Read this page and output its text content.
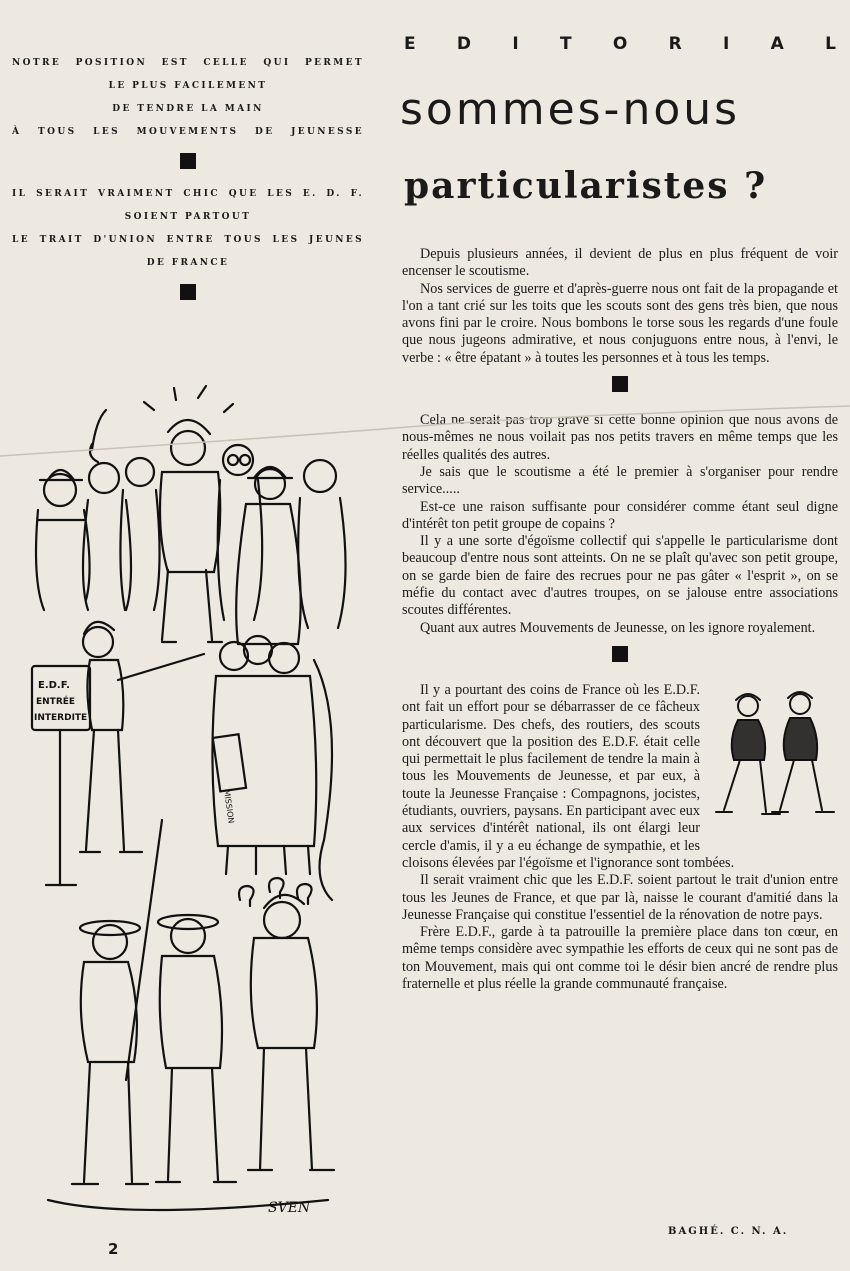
NOTRE POSITION EST CELLE QUI PERMET
LE PLUS FACILEMENT
DE TENDRE LA MAIN
À TOUS LES MOUVEMENTS DE JEUNESSE
IL SERAIT VRAIMENT CHIC QUE LES E. D. F.
SOIENT PARTOUT
LE TRAIT D'UNION ENTRE TOUS LES JEUNES
DE FRANCE
E.D.F.
ENTRÉE
INTERDITE
MISSION
SVEN
E D I T O R I A L
sommes-nous
particularistes ?

Depuis plusieurs années, il devient de plus en plus fréquent de voir encenser le scoutisme.

Nos services de guerre et d'après-guerre nous ont fait de la propagande et l'on a tant crié sur les toits que les scouts sont des gens très bien, que nous avons fini par le croire. Nous bombons le torse sous les regards d'une foule que nous jugeons admirative, et nous conjuguons entre nous, à l'envi, le verbe : « être épatant » à toutes les personnes et à tous les temps.

Cela ne serait pas trop grave si cette bonne opinion que nous avons de nous-mêmes ne nous voilait pas nos petits travers en même temps que les réelles qualités des autres.

Je sais que le scoutisme a été le premier à s'organiser pour rendre service.....

Est-ce une raison suffisante pour considérer comme étant seul digne d'intérêt ton petit groupe de copains ?

Il y a une sorte d'égoïsme collectif qui s'appelle le particularisme dont beaucoup d'entre nous sont atteints. On ne se plaît qu'avec son petit groupe, on se garde bien de faire des recrues pour ne pas gâter « l'esprit », on se méfie du contact avec d'autres troupes, on se jalouse entre associations scoutes différentes.

Quant aux autres Mouvements de Jeunesse, on les ignore royalement.

Il y a pourtant des coins de France où les E.D.F. ont fait un effort pour se débarrasser de ce fâcheux particularisme. Des chefs, des routiers, des scouts ont découvert que la position des E.D.F. était celle qui permettait le plus facilement de tendre la main à tous les Mouvements de Jeunesse, et par eux, à toute la Jeunesse Française : Compagnons, jocistes, étudiants, ouvriers, paysans. En participant avec eux aux services d'intérêt national, ils ont élargi leur cercle d'amis, il y a eu échange de sympathie, et les cloisons élevées par l'égoïsme et l'ignorance sont tombées.

Il serait vraiment chic que les E.D.F. soient partout le trait d'union entre tous les Jeunes de France, et que par là, naisse le courant d'amitié dans la Jeunesse Française qui constitue l'essentiel de la rénovation de notre pays.

Frère E.D.F., garde à ta patrouille la première place dans ton cœur, en même temps considère avec sympathie les efforts de ceux qui ne sont pas de ton Mouvement, mais qui ont comme toi le désir bien ancré de rendre plus fraternelle et plus réelle la grande communauté française.

BAGHÉ. C. N. A.
2
